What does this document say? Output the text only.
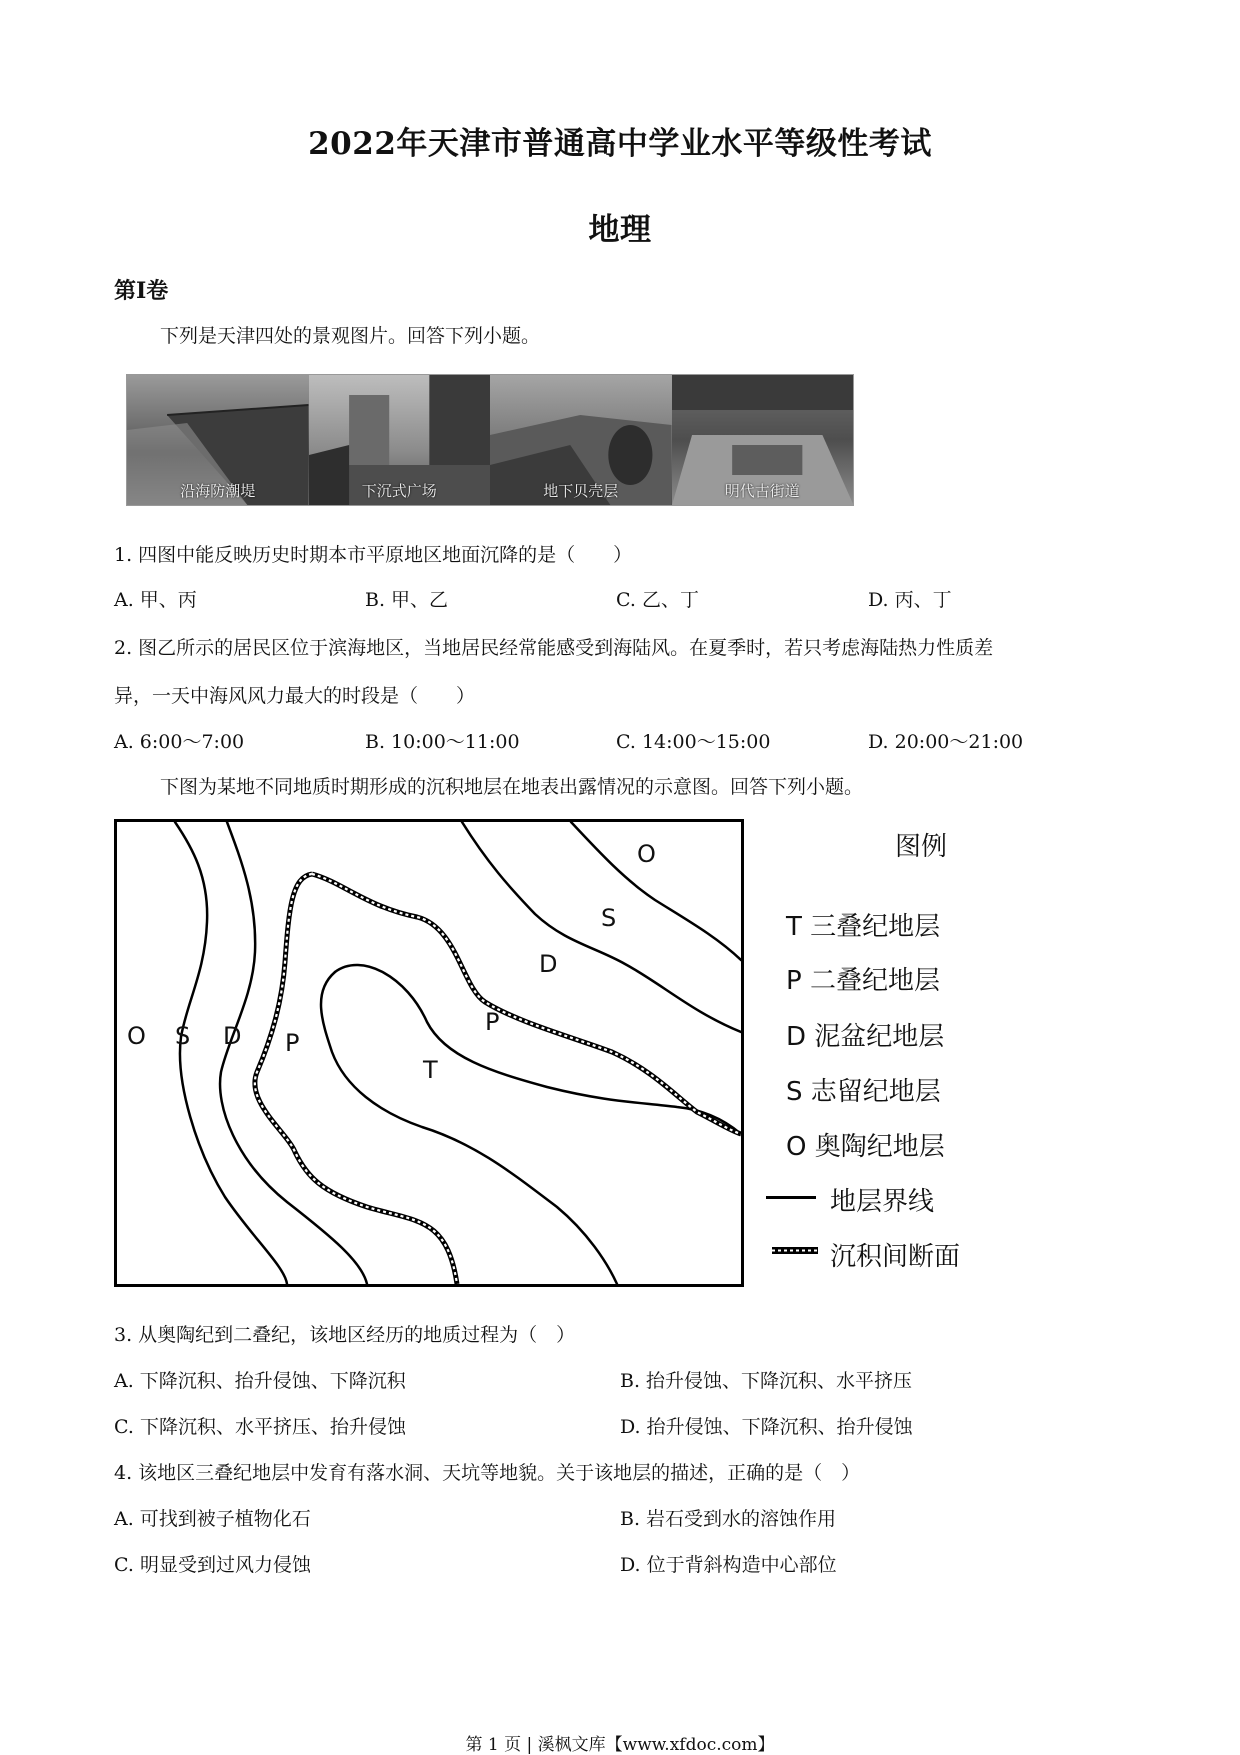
2022年天津市普通高中学业水平等级性考试
地理
第Ⅰ卷
下列是天津四处的景观图片。回答下列小题。
沿海防潮堤	下沉式广场	地下贝壳层	明代古街道
1. 四图中能反映历史时期本市平原地区地面沉降的是（　　）
A. 甲、丙	B. 甲、乙	C. 乙、丁	D. 丙、丁
2. 图乙所示的居民区位于滨海地区，当地居民经常能感受到海陆风。在夏季时，若只考虑海陆热力性质差
异，一天中海风风力最大的时段是（　　）
A. 6:00～7:00	B. 10:00～11:00	C. 14:00～15:00	D. 20:00～21:00
下图为某地不同地质时期形成的沉积地层在地表出露情况的示意图。回答下列小题。
O S D P
T
P
D
S
O	图例
T 三叠纪地层
P 二叠纪地层
D 泥盆纪地层
S 志留纪地层
O 奥陶纪地层
地层界线
沉积间断面
3. 从奥陶纪到二叠纪，该地区经历的地质过程为（　）
A. 下降沉积、抬升侵蚀、下降沉积	B. 抬升侵蚀、下降沉积、水平挤压
C. 下降沉积、水平挤压、抬升侵蚀	D. 抬升侵蚀、下降沉积、抬升侵蚀
4. 该地区三叠纪地层中发育有落水洞、天坑等地貌。关于该地层的描述，正确的是（　）
A. 可找到被子植物化石	B. 岩石受到水的溶蚀作用
C. 明显受到过风力侵蚀	D. 位于背斜构造中心部位
第 1 页 | 溪枫文库【www.xfdoc.com】
